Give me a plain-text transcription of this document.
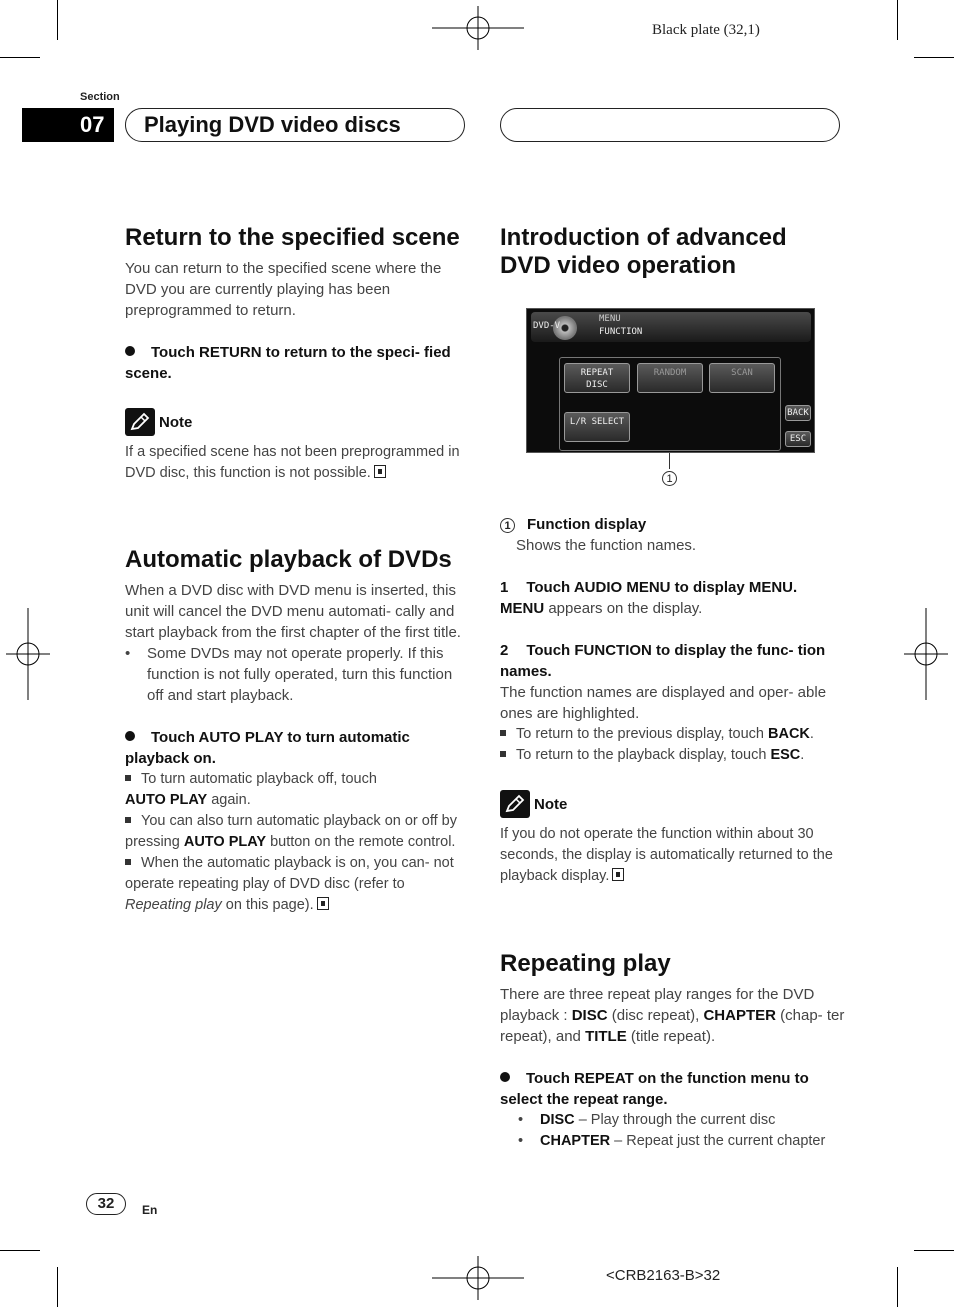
Black plate (32,1)
Section
07	Playing DVD video discs
Return to the specified scene

You can return to the specified scene where the DVD you are currently playing has been preprogrammed to return.

Touch RETURN to return to the speci- fied scene.

Note

If a specified scene has not been preprogrammed in DVD disc, this function is not possible.

Automatic playback of DVDs

When a DVD disc with DVD menu is inserted, this unit will cancel the DVD menu automati- cally and start playback from the first chapter of the first title.

• Some DVDs may not operate properly. If this function is not fully operated, turn this function off and start playback.

Touch AUTO PLAY to turn automatic playback on.

To turn automatic playback off, touch
AUTO PLAY again.

You can also turn automatic playback on or off by pressing AUTO PLAY button on the remote control.

When the automatic playback is on, you can- not operate repeating play of DVD disc (refer to Repeating play on this page).

Introduction of advanced DVD video operation
DVD-V
MENU
FUNCTION
REPEAT
DISC
RANDOM	SCAN
L/R SELECT
BACK
ESC
1

1 Function display

Shows the function names.

1 Touch AUDIO MENU to display MENU.

MENU appears on the display.

2 Touch FUNCTION to display the func- tion names.

The function names are displayed and oper- able ones are highlighted.

To return to the previous display, touch BACK.

To return to the playback display, touch ESC.

Note

If you do not operate the function within about 30 seconds, the display is automatically returned to the playback display.

Repeating play

There are three repeat play ranges for the DVD playback : DISC (disc repeat), CHAPTER (chap- ter repeat), and TITLE (title repeat).

Touch REPEAT on the function menu to select the repeat range.

• DISC – Play through the current disc

• CHAPTER – Repeat just the current chapter

32	En
<CRB2163-B>32
